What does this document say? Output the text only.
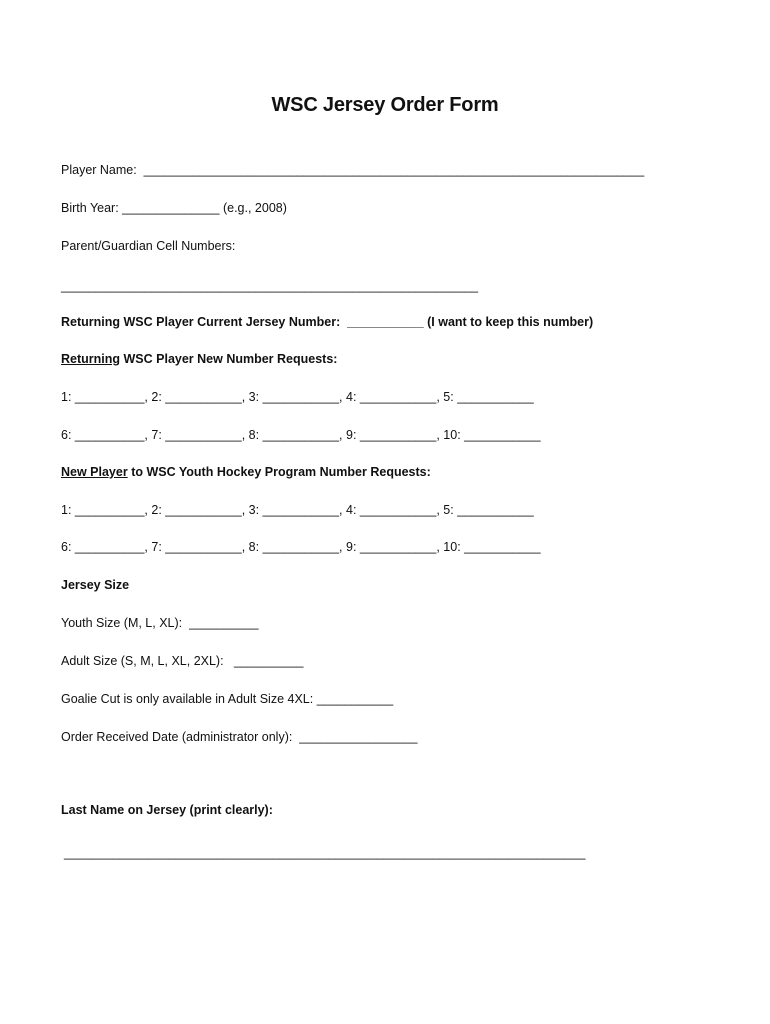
WSC Jersey Order Form
Player Name:  ________________________________________________________________________
Birth Year: ______________ (e.g., 2008)
Parent/Guardian Cell Numbers:
____________________________________________________________
Returning WSC Player Current Jersey Number:  ___________ (I want to keep this number)
Returning WSC Player New Number Requests:
1: __________, 2: ___________, 3: ___________, 4: ___________, 5: ___________
6: __________, 7: ___________, 8: ___________, 9: ___________, 10: ___________
New Player to WSC Youth Hockey Program Number Requests:
1: __________, 2: ___________, 3: ___________, 4: ___________, 5: ___________
6: __________, 7: ___________, 8: ___________, 9: ___________, 10: ___________
Jersey Size
Youth Size (M, L, XL):  __________
Adult Size (S, M, L, XL, 2XL):   __________
Goalie Cut is only available in Adult Size 4XL: ___________
Order Received Date (administrator only):  _________________
Last Name on Jersey (print clearly):
___________________________________________________________________________
